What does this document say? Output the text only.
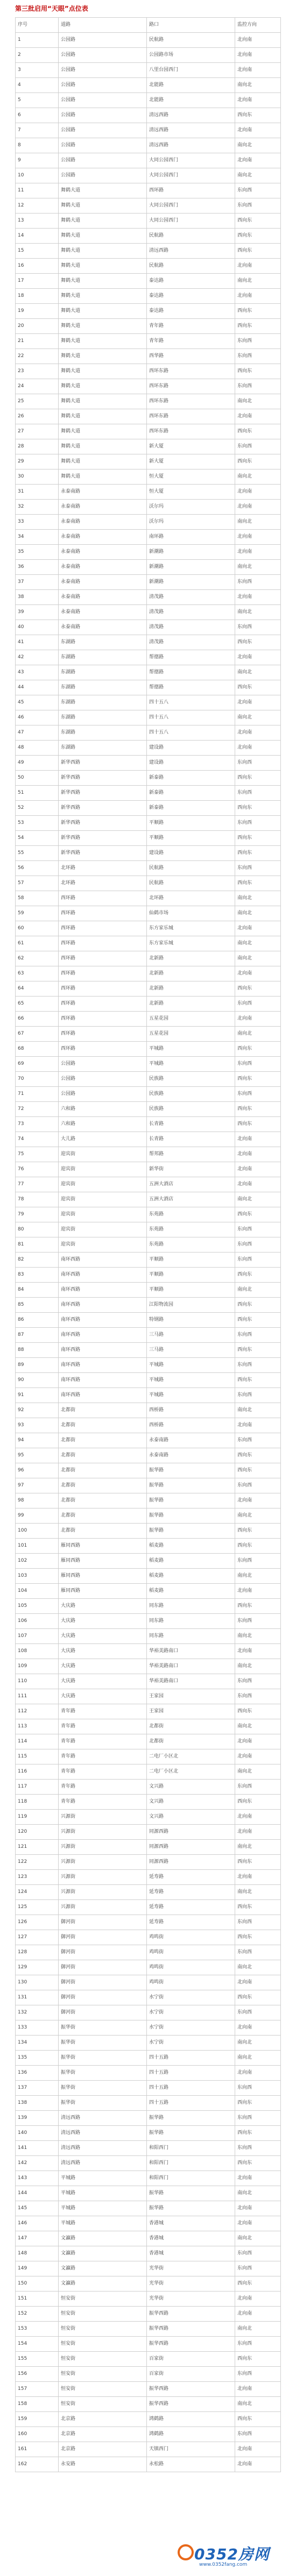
第三批启用“天眼”点位表
序号	道路	路口	监控方向
1	公园路	民航路	北向南
2	公园路	公园路市场	北向南
3	公园路	八里台园西门	北向南
4	公园路	北能路	南向北
5	公园路	北能路	北向南
6	公园路	清远西路	西向东
7	公园路	清远西路	北向南
8	公园路	清远西路	南向北
9	公园路	大同公园西门	北向南
10	公园路	大同公园西门	南向北
11	舞鹤大道	西环路	东向西
12	舞鹤大道	大同公园西门	东向西
13	舞鹤大道	大同公园西门	西向东
14	舞鹤大道	民航路	西向东
15	舞鹤大道	清远西路	西向东
16	舞鹤大道	民航路	北向南
17	舞鹤大道	泰达路	南向北
18	舞鹤大道	泰达路	北向南
19	舞鹤大道	泰达路	西向东
20	舞鹤大道	青年路	西向东
21	舞鹤大道	青年路	东向西
22	舞鹤大道	西华路	东向西
23	舞鹤大道	西环东路	西向东
24	舞鹤大道	西环东路	东向西
25	舞鹤大道	西环东路	南向北
26	舞鹤大道	西环东路	北向南
27	舞鹤大道	西环东路	西向东
28	舞鹤大道	新大厦	东向西
29	舞鹤大道	新大厦	西向东
30	舞鹤大道	恒大厦	南向北
31	永泰南路	恒大厦	北向南
32	永泰南路	沃尔玛	北向南
33	永泰南路	沃尔玛	南向北
34	永泰南路	南环路	北向南
35	永泰南路	新潮路	北向南
36	永泰南路	新潮路	南向北
37	永泰南路	新潮路	东向西
38	永泰南路	清茂路	北向南
39	永泰南路	清茂路	南向北
40	永泰南路	清茂路	东向西
41	东湖路	清茂路	西向东
42	东湖路	帮德路	北向南
43	东湖路	帮德路	南向北
44	东湖路	帮德路	西向东
45	东湖路	四十五八	北向南
46	东湖路	四十五八	南向北
47	东湖路	四十五八	北向南
48	东湖路	建设路	北向南
49	新华西路	建设路	东向西
50	新华西路	新泰路	西向东
51	新华西路	新泰路	东向西
52	新华西路	新泰路	西向东
53	新华西路	平顺路	东向西
54	新华西路	平顺路	西向东
55	新华西路	建设路	西向东
56	北环路	民航路	东向西
57	北环路	民航路	西向东
58	西环路	北环路	南向北
59	西环路	仙鹤市场	南向北
60	西环路	东方家乐城	北向南
61	西环路	东方家乐城	南向北
62	西环路	北新路	南向北
63	西环路	北新路	北向南
64	西环路	北新路	西向东
65	西环路	北新路	东向西
66	西环路	五星花园	北向南
67	西环路	五星花园	南向北
68	西环路	平城路	西向东
69	公园路	平城路	东向西
70	公园路	民族路	西向东
71	公园路	民族路	东向西
72	六和路	民族路	西向东
73	六和路	长青路	西向东
74	大儿路	长青路	北向南
75	迎宾街	帮邦路	北向南
76	迎宾街	新华街	北向南
77	迎宾街	五洲大酒店	北向南
78	迎宾街	五洲大酒店	南向北
79	迎宾街	东苑路	西向东
80	迎宾街	东苑路	东向西
81	迎宾街	东苑路	东向西
82	南环西路	平顺路	东向西
83	南环西路	平顺路	西向东
84	南环西路	平顺路	南向北
85	南环西路	江阳物流园	西向东
86	南环西路	特钢路	西向东
87	南环西路	三马路	东向西
88	南环西路	三马路	西向东
89	南环西路	平城路	东向西
90	南环西路	平城路	西向东
91	南环西路	平城路	东向西
92	北都街	西桥路	南向北
93	北都街	西桥路	北向南
94	北都街	永泰南路	东向西
95	北都街	永泰南路	西向东
96	北都街	振华路	西向东
97	北都街	振华路	东向西
98	北都街	振华路	北向南
99	北都街	振华路	南向北
100	北都街	振华路	西向东
101	雁同西路	稻麦路	西向东
102	雁同西路	稻麦路	东向西
103	雁同西路	稻麦路	南向北
104	雁同西路	稻麦路	北向南
105	大庆路	同东路	西向东
106	大庆路	同东路	东向西
107	大庆路	同东路	南向北
108	大庆路	华裕美路南口	北向南
109	大庆路	华裕美路南口	南向北
110	大庆路	华裕美路南口	东向西
111	大庆路	王家园	东向西
112	青年路	王家园	西向东
113	青年路	北都街	南向北
114	青年路	北都街	北向南
115	青年路	二电厂小区北	北向南
116	青年路	二电厂小区北	南向北
117	青年路	文兴路	东向西
118	青年路	文兴路	西向东
119	兴源街	文兴路	北向南
120	兴源街	同源西路	北向南
121	兴源街	同源西路	南向北
122	兴源街	同源西路	西向东
123	兴源街	延寿路	北向南
124	兴源街	延寿路	南向北
125	兴源街	延寿路	西向东
126	御河街	延寿路	东向西
127	御河街	鸡鸣街	西向东
128	御河街	鸡鸣街	东向西
129	御河街	鸡鸣街	南向北
130	御河街	鸡鸣街	北向南
131	御河街	水宁街	西向东
132	御河街	水宁街	东向西
133	振华街	水宁街	北向南
134	振华街	水宁街	南向北
135	振华街	四十五路	南向北
136	振华街	四十五路	北向南
137	振华街	四十五路	东向西
138	振华街	四十五路	西向东
139	清远西路	振华路	东向西
140	清远西路	振华路	西向东
141	清远西路	和阳西门	东向西
142	清远西路	和阳西门	西向东
143	平城路	和阳西门	北向南
144	平城路	振华路	南向北
145	平城路	振华路	北向南
146	平城路	香港城	北向南
147	文瀛路	香港城	南向北
148	文瀛路	香港城	东向西
149	文瀛路	光华街	东向西
150	文瀛路	光华街	西向东
151	恒安街	光华街	北向南
152	恒安街	振华西路	北向南
153	恒安街	振华西路	南向北
154	恒安街	振华西路	东向西
155	恒安街	百家街	西向东
156	恒安街	百家街	东向西
157	恒安街	振华西路	北向南
158	恒安街	振华西路	南向北
159	北京路	鸿鹤路	西向东
160	北京路	鸿鹤路	东向西
161	北京路	天镇西门	北向南
162	永安路	永松路	北向南
0352房网
www.0352fang.com
